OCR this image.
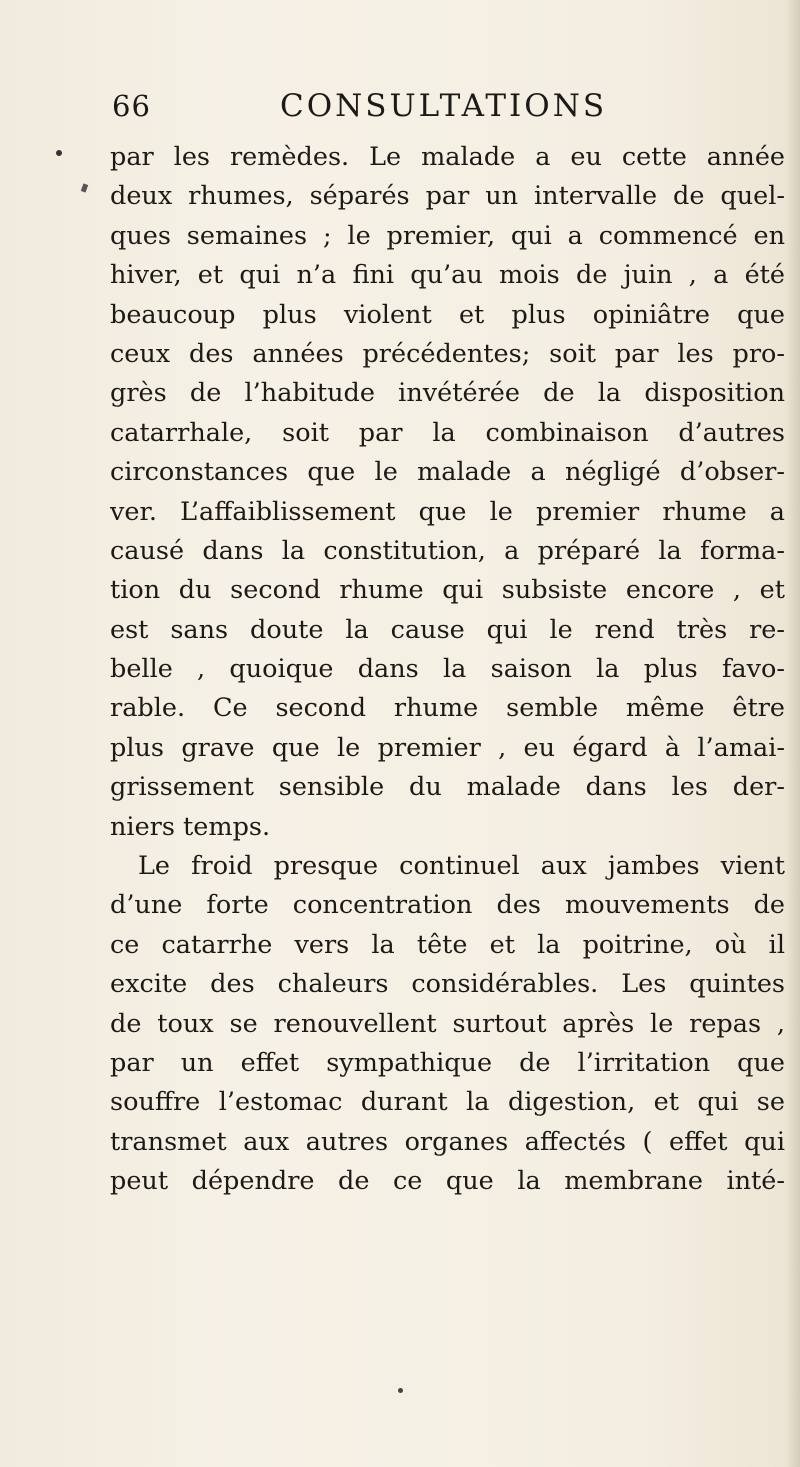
66	CONSULTATIONS
par les remèdes. Le malade a eu cette année
deux rhumes, séparés par un intervalle de quel-
ques semaines ; le premier, qui a commencé en
hiver, et qui n’a fini qu’au mois de juin , a été
beaucoup plus violent et plus opiniâtre que
ceux des années précédentes; soit par les pro-
grès de l’habitude invétérée de la disposition
catarrhale, soit par la combinaison d’autres
circonstances que le malade a négligé d’obser-
ver. L’affaiblissement que le premier rhume a
causé dans la constitution, a préparé la forma-
tion du second rhume qui subsiste encore , et
est sans doute la cause qui le rend très re-
belle , quoique dans la saison la plus favo-
rable. Ce second rhume semble même être
plus grave que le premier , eu égard à l’amai-
grissement sensible du malade dans les der-
niers temps.
Le froid presque continuel aux jambes vient
d’une forte concentration des mouvements de
ce catarrhe vers la tête et la poitrine, où il
excite des chaleurs considérables. Les quintes
de toux se renouvellent surtout après le repas ,
par un effet sympathique de l’irritation que
souffre l’estomac durant la digestion, et qui se
transmet aux autres organes affectés ( effet qui
peut dépendre de ce que la membrane inté-
